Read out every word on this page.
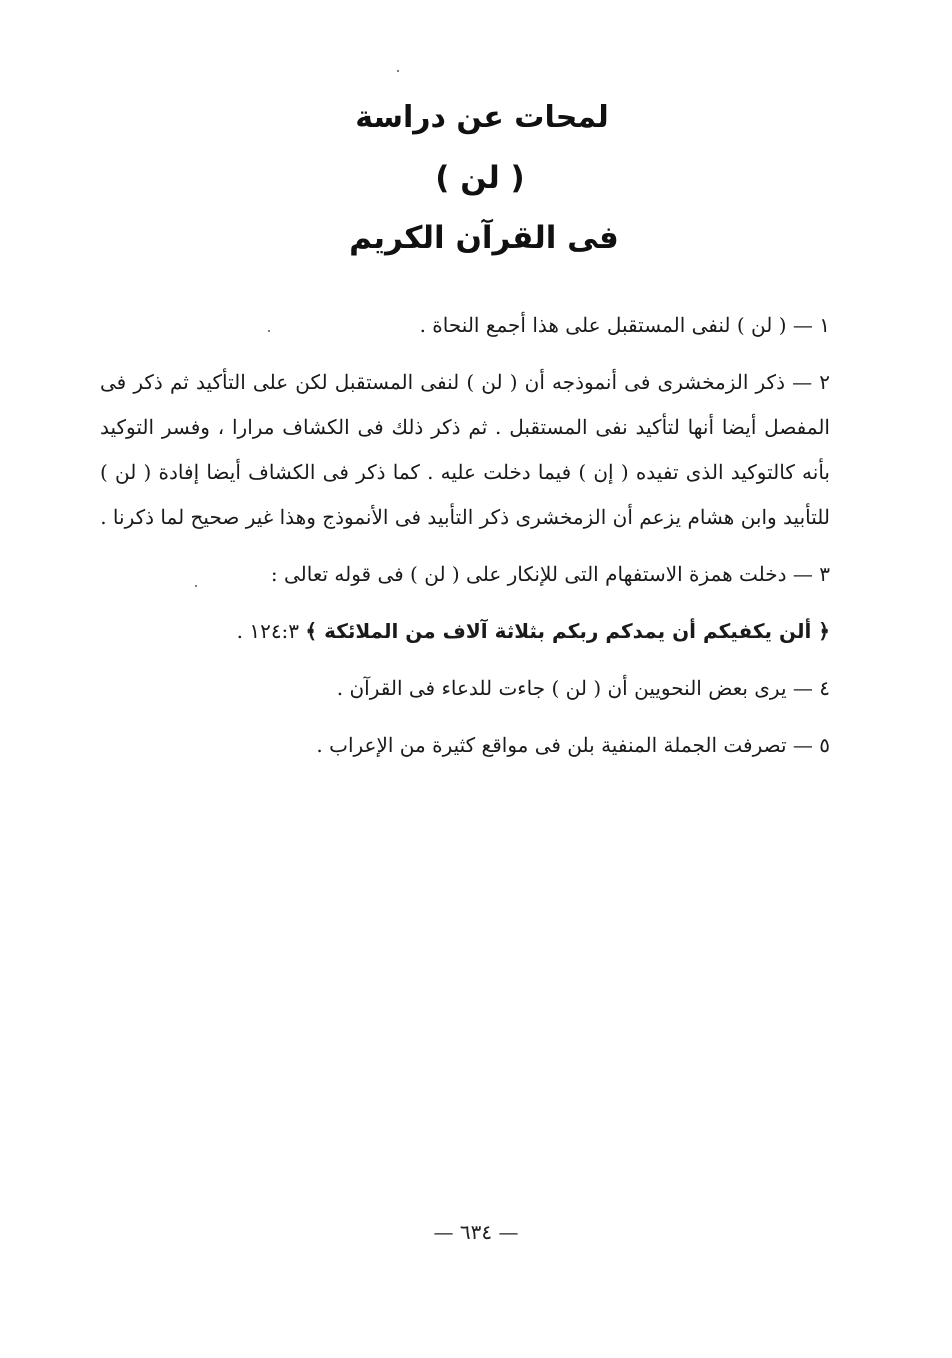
لمحات عن دراسة
( لن )
فى القرآن الكريم

١ — ( لن ) لنفى المستقبل على هذا أجمع النحاة .

٢ — ذكر الزمخشرى فى أنموذجه أن ( لن ) لنفى المستقبل لكن على التأكيد ثم ذكر فى المفصل أيضا أنها لتأكيد نفى المستقبل . ثم ذكر ذلك فى الكشاف مرارا ، وفسر التوكيد بأنه كالتوكيد الذى تفيده ( إن ) فيما دخلت عليه . كما ذكر فى الكشاف أيضا إفادة ( لن ) للتأبيد وابن هشام يزعم أن الزمخشرى ذكر التأبيد فى الأنموذج وهذا غير صحيح لما ذكرنا .

٣ — دخلت همزة الاستفهام التى للإنكار على ( لن ) فى قوله تعالى :

﴿ ألن يكفيكم أن يمدكم ربكم بثلاثة آلاف من الملائكة ﴾ ١٢٤:٣ .

٤ — يرى بعض النحويين أن ( لن ) جاءت للدعاء فى القرآن .

٥ — تصرفت الجملة المنفية بلن فى مواقع كثيرة من الإعراب .

— ٦٣٤ —
